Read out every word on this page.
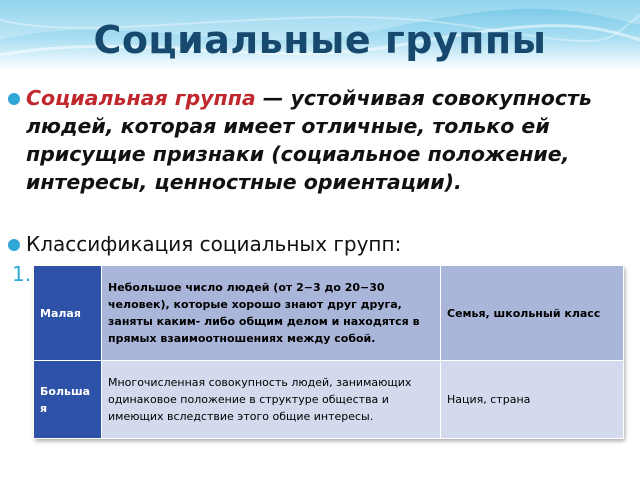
Социальные группы
Социальная группа — устойчивая совокупность людей, которая имеет отличные, только ей присущие признаки (социальное положение, интересы, ценностные ориентации).
Классификация социальных групп:
1.
Малая	Небольшое число людей (от 2−3 до 20−30 человек), которые хорошо знают друг друга, заняты каким- либо общим делом и находятся в прямых взаимоотношениях между собой.	Семья, школьный класс
Большая	Многочисленная совокупность людей, занимающих одинаковое положение в структуре общества и имеющих вследствие этого общие интересы.	Нация, страна
